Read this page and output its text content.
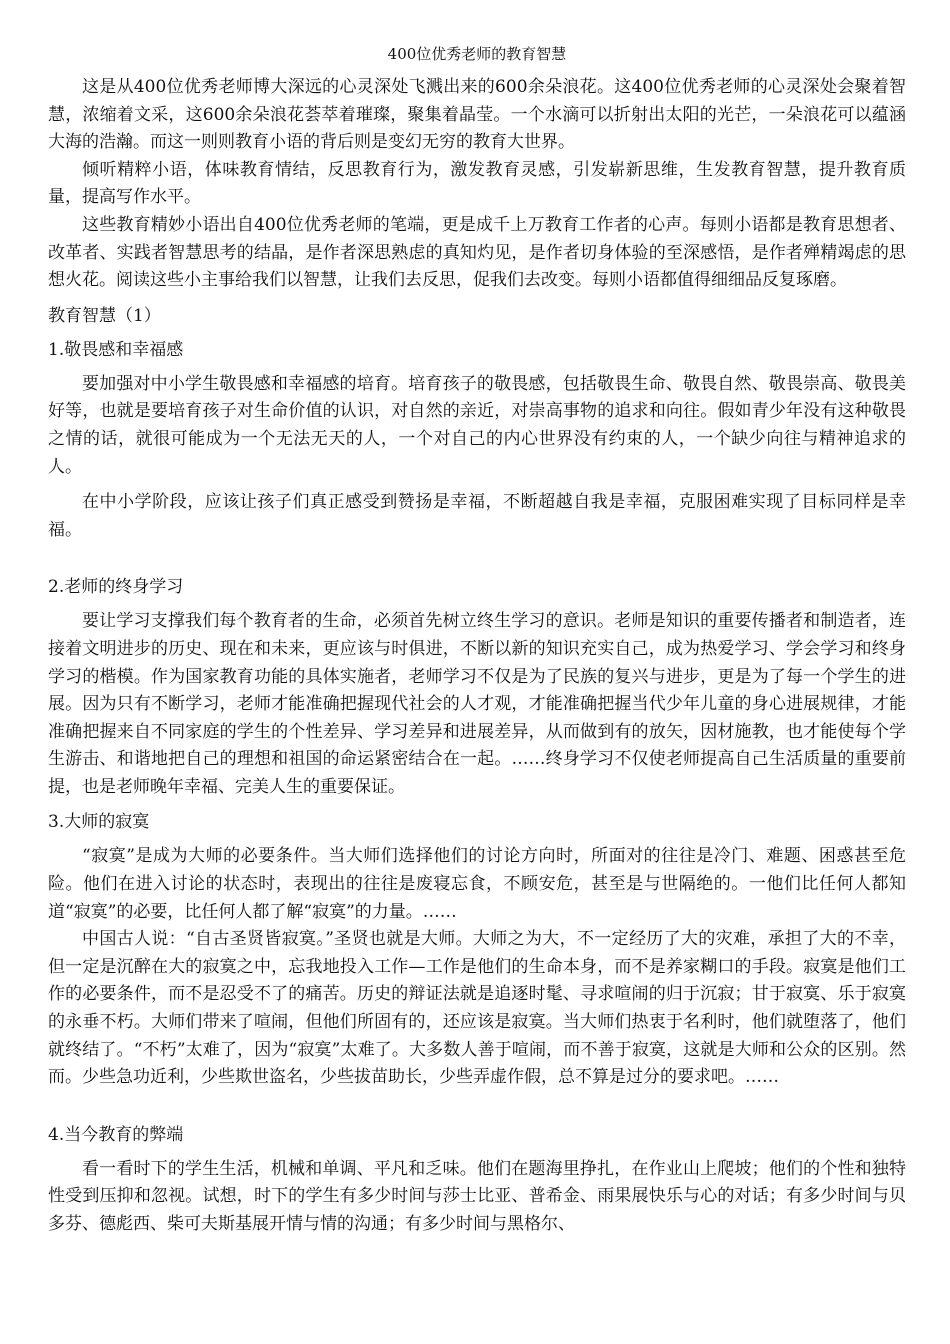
400位优秀老师的教育智慧

这是从400位优秀老师博大深远的心灵深处飞溅出来的600余朵浪花。这400位优秀老师的心灵深处会聚着智慧，浓缩着文采，这600余朵浪花荟萃着璀璨，聚集着晶莹。一个水滴可以折射出太阳的光芒，一朵浪花可以蕴涵大海的浩瀚。而这一则则教育小语的背后则是变幻无穷的教育大世界。

倾听精粹小语，体味教育情结，反思教育行为，激发教育灵感，引发崭新思维，生发教育智慧，提升教育质量，提高写作水平。

这些教育精妙小语出自400位优秀老师的笔端，更是成千上万教育工作者的心声。每则小语都是教育思想者、改革者、实践者智慧思考的结晶，是作者深思熟虑的真知灼见，是作者切身体验的至深感悟，是作者殚精竭虑的思想火花。阅读这些小主事给我们以智慧，让我们去反思，促我们去改变。每则小语都值得细细品反复琢磨。

教育智慧（1）
1.敬畏感和幸福感

要加强对中小学生敬畏感和幸福感的培育。培育孩子的敬畏感，包括敬畏生命、敬畏自然、敬畏崇高、敬畏美好等，也就是要培育孩子对生命价值的认识，对自然的亲近，对崇高事物的追求和向往。假如青少年没有这种敬畏之情的话，就很可能成为一个无法无天的人，一个对自己的内心世界没有约束的人，一个缺少向往与精神追求的人。

在中小学阶段，应该让孩子们真正感受到赞扬是幸福，不断超越自我是幸福，克服困难实现了目标同样是幸福。

2.老师的终身学习

要让学习支撑我们每个教育者的生命，必须首先树立终生学习的意识。老师是知识的重要传播者和制造者，连接着文明进步的历史、现在和未来，更应该与时俱进，不断以新的知识充实自己，成为热爱学习、学会学习和终身学习的楷模。作为国家教育功能的具体实施者，老师学习不仅是为了民族的复兴与进步，更是为了每一个学生的进展。因为只有不断学习，老师才能准确把握现代社会的人才观，才能准确把握当代少年儿童的身心进展规律，才能准确把握来自不同家庭的学生的个性差异、学习差异和进展差异，从而做到有的放矢，因材施教，也才能使每个学生游击、和谐地把自己的理想和祖国的命运紧密结合在一起。……终身学习不仅使老师提高自己生活质量的重要前提，也是老师晚年幸福、完美人生的重要保证。

3.大师的寂寞

“寂寞”是成为大师的必要条件。当大师们选择他们的讨论方向时，所面对的往往是冷门、难题、困惑甚至危险。他们在进入讨论的状态时，表现出的往往是废寝忘食，不顾安危，甚至是与世隔绝的。一他们比任何人都知道“寂寞”的必要，比任何人都了解“寂寞”的力量。……

中国古人说：“自古圣贤皆寂寞。”圣贤也就是大师。大师之为大，不一定经历了大的灾难，承担了大的不幸，但一定是沉醉在大的寂寞之中，忘我地投入工作—工作是他们的生命本身，而不是养家糊口的手段。寂寞是他们工作的必要条件，而不是忍受不了的痛苦。历史的辩证法就是追逐时髦、寻求喧闹的归于沉寂；甘于寂寞、乐于寂寞的永垂不朽。大师们带来了喧闹，但他们所固有的，还应该是寂寞。当大师们热衷于名利时，他们就堕落了，他们就终结了。“不朽”太难了，因为“寂寞”太难了。大多数人善于喧闹，而不善于寂寞，这就是大师和公众的区别。然而。少些急功近利，少些欺世盗名，少些拔苗助长，少些弄虚作假，总不算是过分的要求吧。……

4.当今教育的弊端

看一看时下的学生生活，机械和单调、平凡和乏味。他们在题海里挣扎，在作业山上爬坡；他们的个性和独特性受到压抑和忽视。试想，时下的学生有多少时间与莎士比亚、普希金、雨果展快乐与心的对话；有多少时间与贝多芬、德彪西、柴可夫斯基展开情与情的沟通；有多少时间与黑格尔、
